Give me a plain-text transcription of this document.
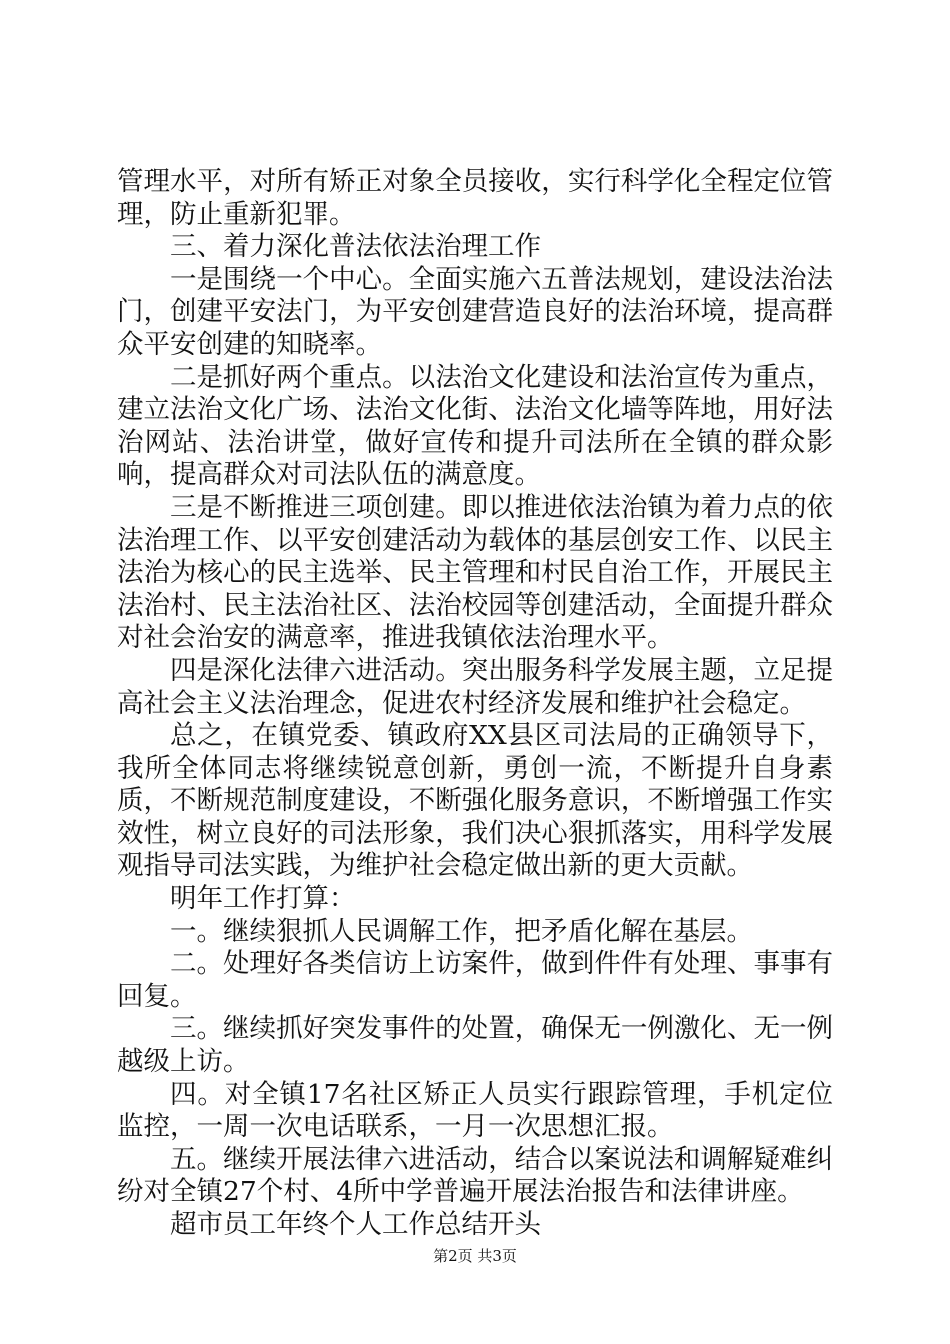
管理水平，对所有矫正对象全员接收，实行科学化全程定位管理，防止重新犯罪。

三、着力深化普法依法治理工作

一是围绕一个中心。全面实施六五普法规划，建设法治法门，创建平安法门，为平安创建营造良好的法治环境，提高群众平安创建的知晓率。

二是抓好两个重点。以法治文化建设和法治宣传为重点，建立法治文化广场、法治文化街、法治文化墙等阵地，用好法治网站、法治讲堂，做好宣传和提升司法所在全镇的群众影响，提高群众对司法队伍的满意度。

三是不断推进三项创建。即以推进依法治镇为着力点的依法治理工作、以平安创建活动为载体的基层创安工作、以民主法治为核心的民主选举、民主管理和村民自治工作，开展民主法治村、民主法治社区、法治校园等创建活动，全面提升群众对社会治安的满意率，推进我镇依法治理水平。

四是深化法律六进活动。突出服务科学发展主题，立足提高社会主义法治理念，促进农村经济发展和维护社会稳定。

总之，在镇党委、镇政府XX县区司法局的正确领导下，我所全体同志将继续锐意创新，勇创一流，不断提升自身素质，不断规范制度建设，不断强化服务意识，不断增强工作实效性，树立良好的司法形象，我们决心狠抓落实，用科学发展观指导司法实践，为维护社会稳定做出新的更大贡献。

明年工作打算：

一。继续狠抓人民调解工作，把矛盾化解在基层。

二。处理好各类信访上访案件，做到件件有处理、事事有回复。

三。继续抓好突发事件的处置，确保无一例激化、无一例越级上访。

四。对全镇17名社区矫正人员实行跟踪管理，手机定位监控，一周一次电话联系，一月一次思想汇报。

五。继续开展法律六进活动，结合以案说法和调解疑难纠纷对全镇27个村、4所中学普遍开展法治报告和法律讲座。

超市员工年终个人工作总结开头

第2页 共3页
